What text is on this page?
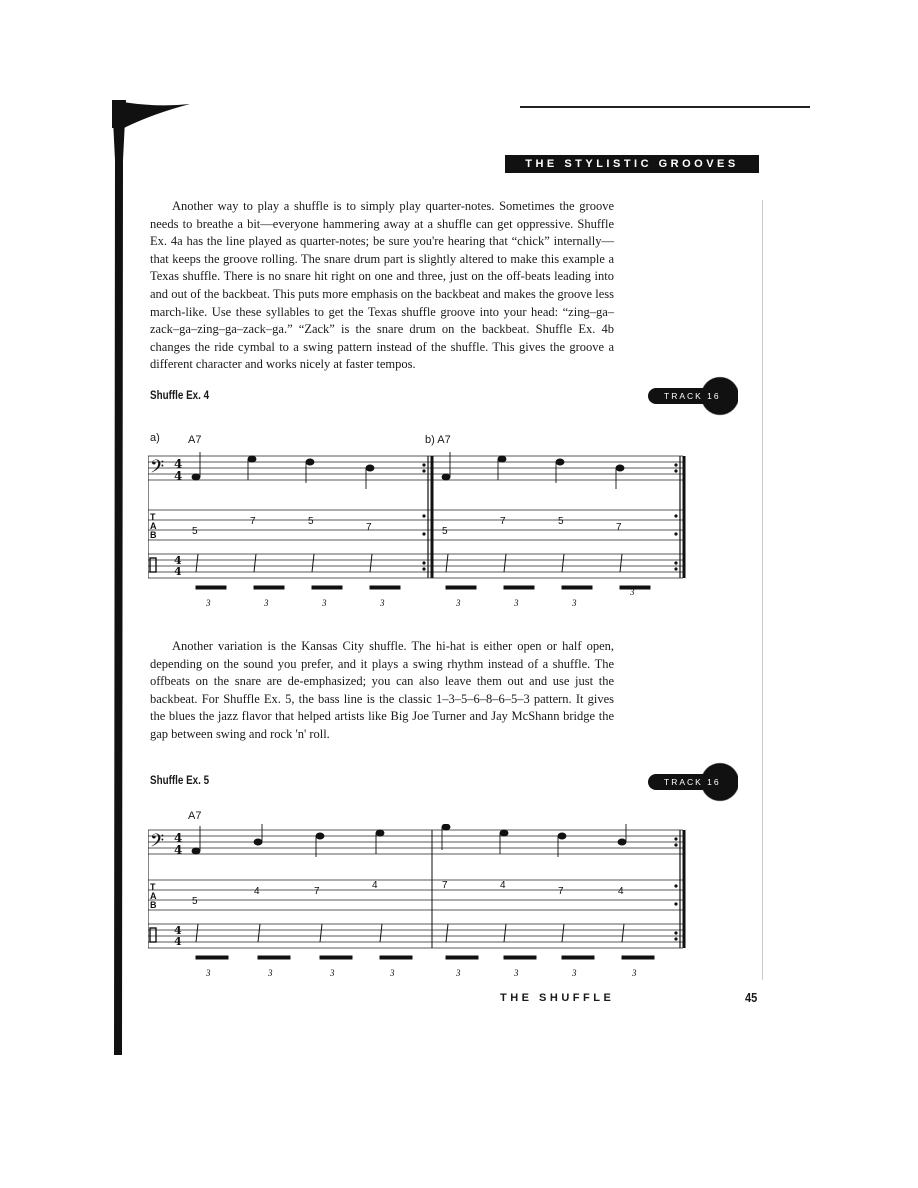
THE STYLISTIC GROOVES

Another way to play a shuffle is to simply play quarter-notes. Sometimes the groove needs to breathe a bit—everyone hammering away at a shuffle can get oppressive. Shuffle Ex. 4a has the line played as quarter-notes; be sure you're hearing that “chick” internally—that keeps the groove rolling. The snare drum part is slightly altered to make this example a Texas shuffle. There is no snare hit right on one and three, just on the off-beats leading into and out of the backbeat. This puts more emphasis on the backbeat and makes the groove less march-like. Use these syllables to get the Texas shuffle groove into your head: “zing–ga–zack–ga–zing–ga–zack–ga.” “Zack” is the snare drum on the backbeat. Shuffle Ex. 4b changes the ride cymbal to a swing pattern instead of the shuffle. This gives the groove a different character and works nicely at faster tempos.

Shuffle Ex. 4	TRACK 16
a)	A7	b) A7
𝄢 4
4
T
A
B
4
4
5
7	5
7	5
7	5
7
3	3	3	3	3	3	3
3

Another variation is the Kansas City shuffle. The hi-hat is either open or half open, depending on the sound you prefer, and it plays a swing rhythm instead of a shuffle. The offbeats on the snare are de-emphasized; you can also leave them out and use just the backbeat. For Shuffle Ex. 5, the bass line is the classic 1–3–5–6–8–6–5–3 pattern. It gives the blues the jazz flavor that helped artists like Big Joe Turner and Jay McShann bridge the gap between swing and rock 'n' roll.

Shuffle Ex. 5	TRACK 16
A7
𝄢 4
4
T
A
B
4
4
5
4	7
4	7	4
7	4
3	3	3	3	3	3	3	3
THE SHUFFLE	45
